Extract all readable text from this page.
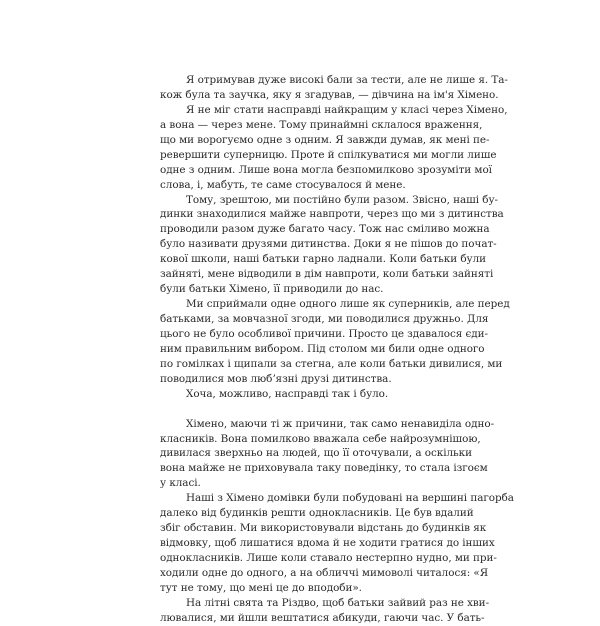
Я отримував дуже високі бали за тести, але не лише я. Та-
кож була та заучка, яку я згадував, — дівчина на ім'я Хімено.
Я не міг стати насправді найкращим у класі через Хімено,
а вона — через мене. Тому принаймні склалося враження,
що ми ворогуємо одне з одним. Я завжди думав, як мені пе-
ревершити суперницю. Проте й спілкуватися ми могли лише
одне з одним. Лише вона могла безпомилково зрозуміти мої
слова, і, мабуть, те саме стосувалося й мене.
Тому, зрештою, ми постійно були разом. Звісно, наші бу-
динки знаходилися майже навпроти, через що ми з дитинства
проводили разом дуже багато часу. Тож нас сміливо можна
було називати друзями дитинства. Доки я не пішов до почат-
кової школи, наші батьки гарно ладнали. Коли батьки були
зайняті, мене відводили в дім навпроти, коли батьки зайняті
були батьки Хімено, її приводили до нас.
Ми сприймали одне одного лише як суперників, але перед
батьками, за мовчазної згоди, ми поводилися дружньо. Для
цього не було особливої причини. Просто це здавалося єди-
ним правильним вибором. Під столом ми били одне одного
по гомілках і щипали за стегна, але коли батьки дивилися, ми
поводилися мов любʼязні друзі дитинства.
Хоча, можливо, насправді так і було.
Хімено, маючи ті ж причини, так само ненавиділа одно-
класників. Вона помилково вважала себе найрозумнішою,
дивилася зверхньо на людей, що її оточували, а оскільки
вона майже не приховувала таку поведінку, то стала ізгоєм
у класі.
Наші з Хімено домівки були побудовані на вершині пагорба
далеко від будинків решти однокласників. Це був вдалий
збіг обставин. Ми використовували відстань до будинків як
відмовку, щоб лишатися вдома й не ходити гратися до інших
однокласників. Лише коли ставало нестерпно нудно, ми при-
ходили одне до одного, а на обличчі мимоволі читалося: «Я
тут не тому, що мені це до вподоби».
На літні свята та Різдво, щоб батьки зайвий раз не хви-
лювалися, ми йшли вештатися абикуди, гаючи час. У бать-
